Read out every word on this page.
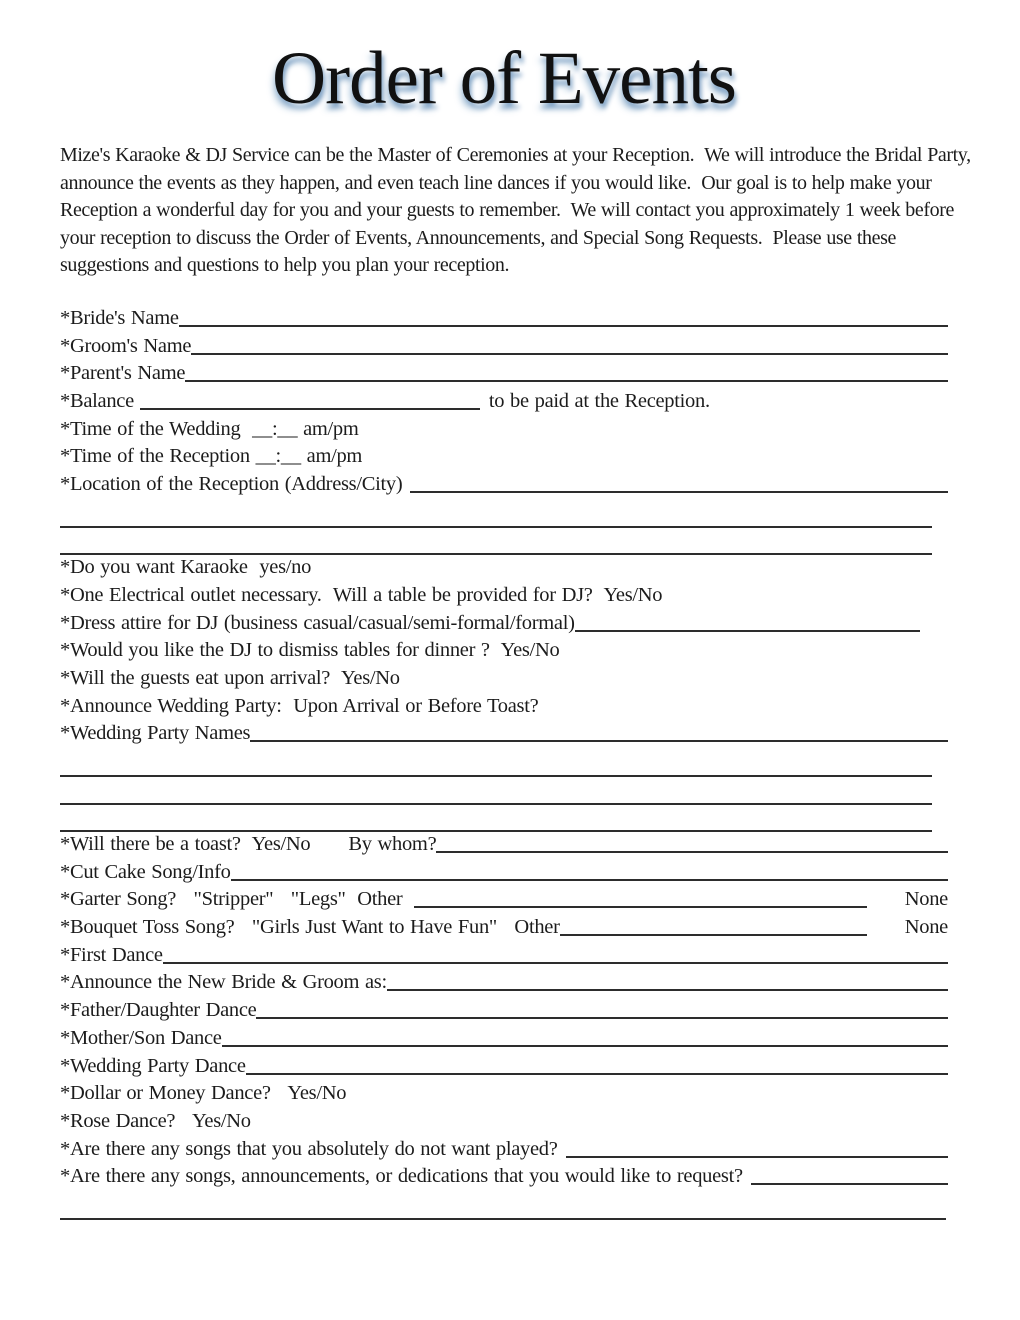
Order of Events

Mize's Karaoke & DJ Service can be the Master of Ceremonies at your Reception.  We will introduce the Bridal Party, announce the events as they happen, and even teach line dances if you would like.  Our goal is to help make your Reception a wonderful day for you and your guests to remember.  We will contact you approximately 1 week before your reception to discuss the Order of Events, Announcements, and Special Song Requests.  Please use these suggestions and questions to help you plan your reception.

*Bride's Name
*Groom's Name
*Parent's Name
*Balance	to be paid at the Reception.
*Time of the Wedding  __:__ am/pm
*Time of the Reception __:__ am/pm
*Location of the Reception (Address/City)
*Do you want Karaoke  yes/no
*One Electrical outlet necessary.  Will a table be provided for DJ?  Yes/No
*Dress attire for DJ (business casual/casual/semi-formal/formal)
*Would you like the DJ to dismiss tables for dinner ?  Yes/No
*Will the guests eat upon arrival?  Yes/No
*Announce Wedding Party:  Upon Arrival or Before Toast?
*Wedding Party Names
*Will there be a toast?  Yes/No By whom?
*Cut Cake Song/Info
*Garter Song?   "Stripper"   "Legs"  Other	None
*Bouquet Toss Song?   "Girls Just Want to Have Fun"   Other	None
*First Dance
*Announce the New Bride & Groom as:
*Father/Daughter Dance
*Mother/Son Dance
*Wedding Party Dance
*Dollar or Money Dance?   Yes/No
*Rose Dance?   Yes/No
*Are there any songs that you absolutely do not want played?
*Are there any songs, announcements, or dedications that you would like to request?
